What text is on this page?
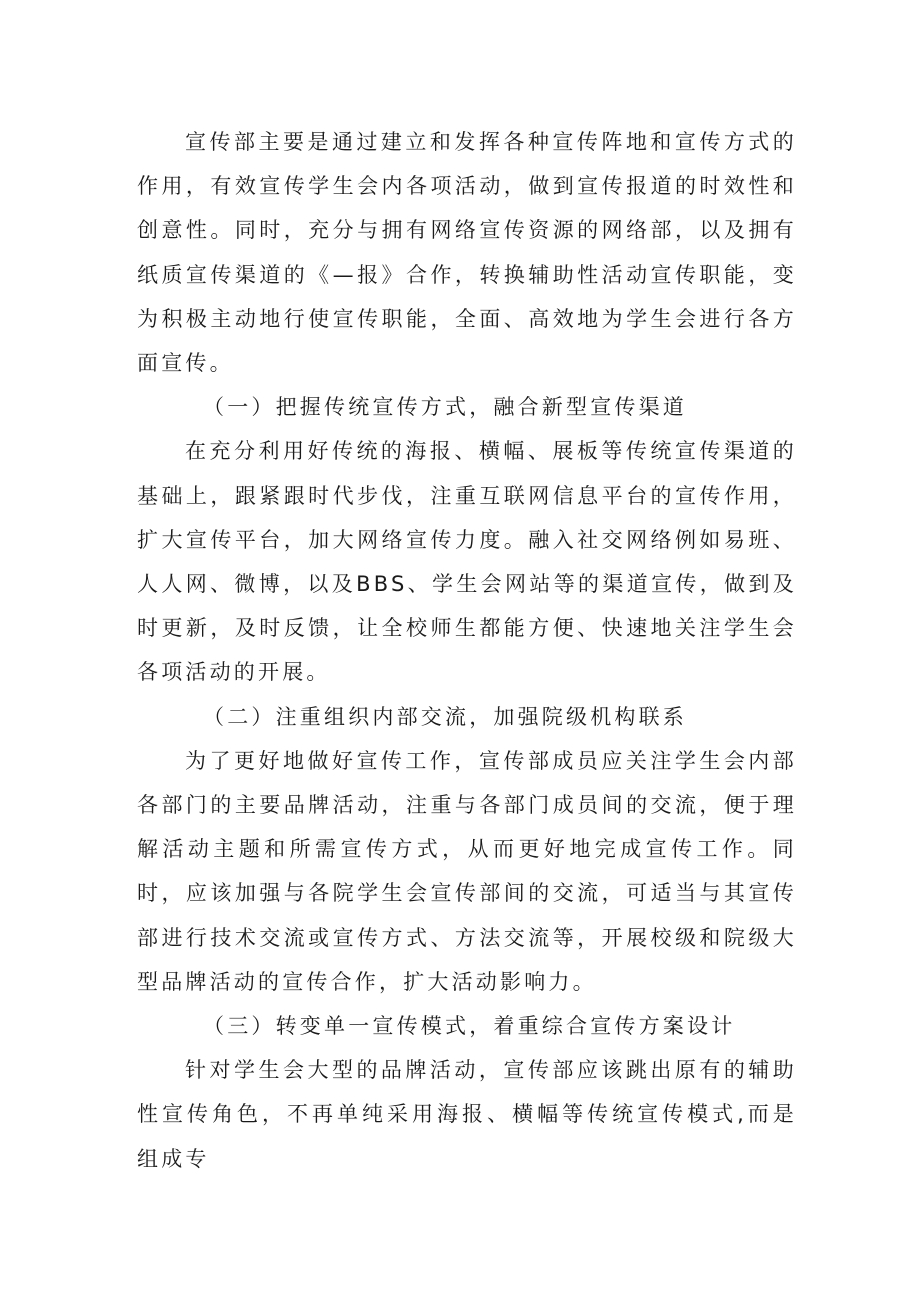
宣传部主要是通过建立和发挥各种宣传阵地和宣传方式的作用，有效宣传学生会内各项活动，做到宣传报道的时效性和创意性。同时，充分与拥有网络宣传资源的网络部，以及拥有纸质宣传渠道的《—报》合作，转换辅助性活动宣传职能，变为积极主动地行使宣传职能，全面、高效地为学生会进行各方面宣传。

（一）把握传统宣传方式，融合新型宣传渠道

在充分利用好传统的海报、横幅、展板等传统宣传渠道的基础上，跟紧跟时代步伐，注重互联网信息平台的宣传作用，扩大宣传平台，加大网络宣传力度。融入社交网络例如易班、人人网、微博，以及BBS、学生会网站等的渠道宣传，做到及时更新，及时反馈，让全校师生都能方便、快速地关注学生会各项活动的开展。

（二）注重组织内部交流，加强院级机构联系

为了更好地做好宣传工作，宣传部成员应关注学生会内部各部门的主要品牌活动，注重与各部门成员间的交流，便于理解活动主题和所需宣传方式，从而更好地完成宣传工作。同时，应该加强与各院学生会宣传部间的交流，可适当与其宣传部进行技术交流或宣传方式、方法交流等，开展校级和院级大型品牌活动的宣传合作，扩大活动影响力。

（三）转变单一宣传模式，着重综合宣传方案设计

针对学生会大型的品牌活动，宣传部应该跳出原有的辅助性宣传角色，不再单纯采用海报、横幅等传统宣传模式,而是组成专
